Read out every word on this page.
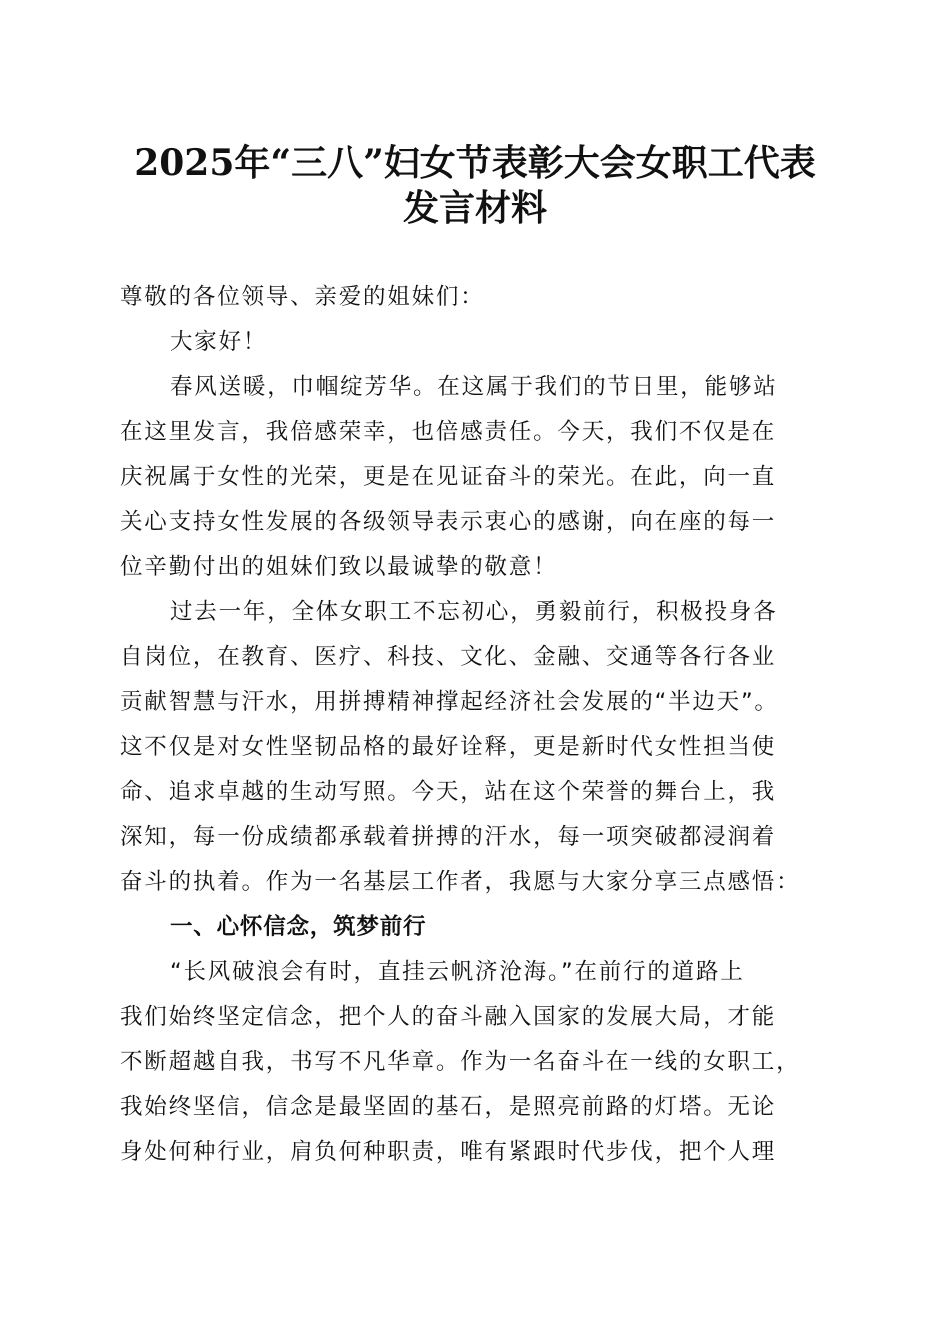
2025年“三八”妇女节表彰大会女职工代表
发言材料

尊敬的各位领导、亲爱的姐妹们：

大家好！

春风送暖，巾帼绽芳华。在这属于我们的节日里，能够站

在这里发言，我倍感荣幸，也倍感责任。今天，我们不仅是在

庆祝属于女性的光荣，更是在见证奋斗的荣光。在此，向一直

关心支持女性发展的各级领导表示衷心的感谢，向在座的每一

位辛勤付出的姐妹们致以最诚挚的敬意！

过去一年，全体女职工不忘初心，勇毅前行，积极投身各

自岗位，在教育、医疗、科技、文化、金融、交通等各行各业

贡献智慧与汗水，用拼搏精神撑起经济社会发展的“半边天”。

这不仅是对女性坚韧品格的最好诠释，更是新时代女性担当使

命、追求卓越的生动写照。今天，站在这个荣誉的舞台上，我

深知，每一份成绩都承载着拼搏的汗水，每一项突破都浸润着

奋斗的执着。作为一名基层工作者，我愿与大家分享三点感悟：

一、心怀信念，筑梦前行

“长风破浪会有时，直挂云帆济沧海。”在前行的道路上

我们始终坚定信念，把个人的奋斗融入国家的发展大局，才能

不断超越自我，书写不凡华章。作为一名奋斗在一线的女职工，

我始终坚信，信念是最坚固的基石，是照亮前路的灯塔。无论

身处何种行业，肩负何种职责，唯有紧跟时代步伐，把个人理
